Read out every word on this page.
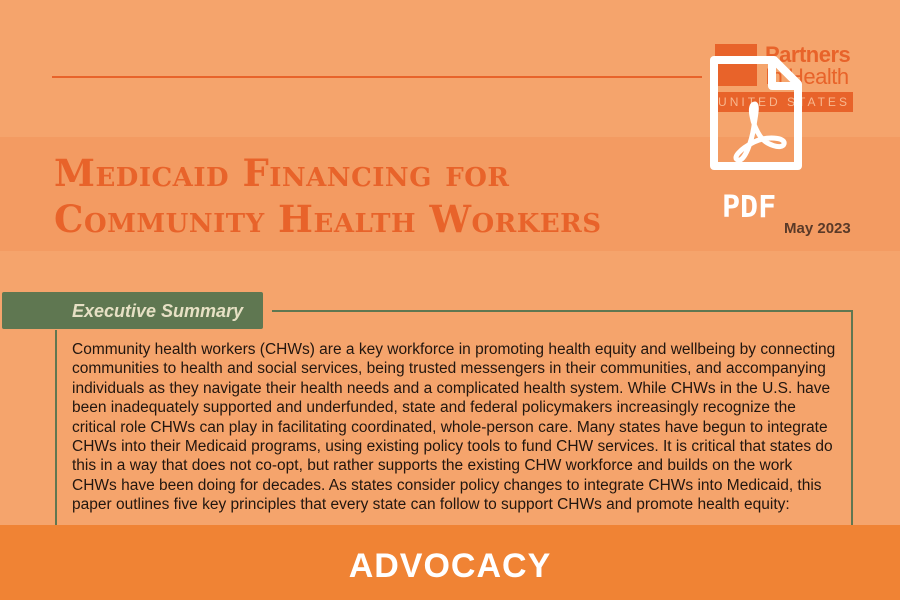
Partners
In Health
UNITED STATES
Medicaid Financing for
Community Health Workers	PDF
May 2023
Executive Summary

Community health workers (CHWs) are a key workforce in promoting health equity and wellbeing by connecting communities to health and social services, being trusted messengers in their communities, and accompanying individuals as they navigate their health needs and a complicated health system. While CHWs in the U.S. have been inadequately supported and underfunded, state and federal policymakers increasingly recognize the critical role CHWs can play in facilitating coordinated, whole-person care. Many states have begun to integrate CHWs into their Medicaid programs, using existing policy tools to fund CHW services. It is critical that states do this in a way that does not co-opt, but rather supports the existing CHW workforce and builds on the work CHWs have been doing for decades. As states consider policy changes to integrate CHWs into Medicaid, this paper outlines five key principles that every state can follow to support CHWs and promote health equity:

ADVOCACY
